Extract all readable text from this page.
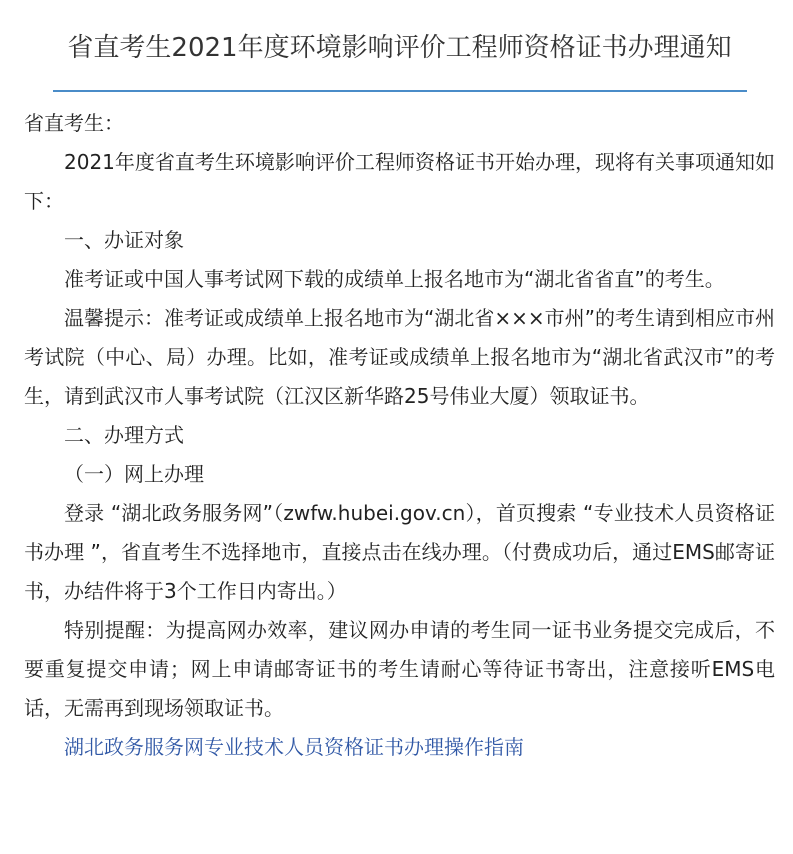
省直考生2021年度环境影响评价工程师资格证书办理通知

省直考生：

2021年度省直考生环境影响评价工程师资格证书开始办理，现将有关事项通知如下：

一、办证对象

准考证或中国人事考试网下载的成绩单上报名地市为“湖北省省直”的考生。

温馨提示：准考证或成绩单上报名地市为“湖北省×××市州”的考生请到相应市州考试院（中心、局）办理。比如，准考证或成绩单上报名地市为“湖北省武汉市”的考生，请到武汉市人事考试院（江汉区新华路25号伟业大厦）领取证书。

二、办理方式

（一）网上办理

登录 “湖北政务服务网”（zwfw.hubei.gov.cn），首页搜索 “专业技术人员资格证书办理 ”，省直考生不选择地市，直接点击在线办理。（付费成功后，通过EMS邮寄证书，办结件将于3个工作日内寄出。）

特别提醒：为提高网办效率，建议网办申请的考生同一证书业务提交完成后，不要重复提交申请；网上申请邮寄证书的考生请耐心等待证书寄出，注意接听EMS电话，无需再到现场领取证书。

湖北政务服务网专业技术人员资格证书办理操作指南
